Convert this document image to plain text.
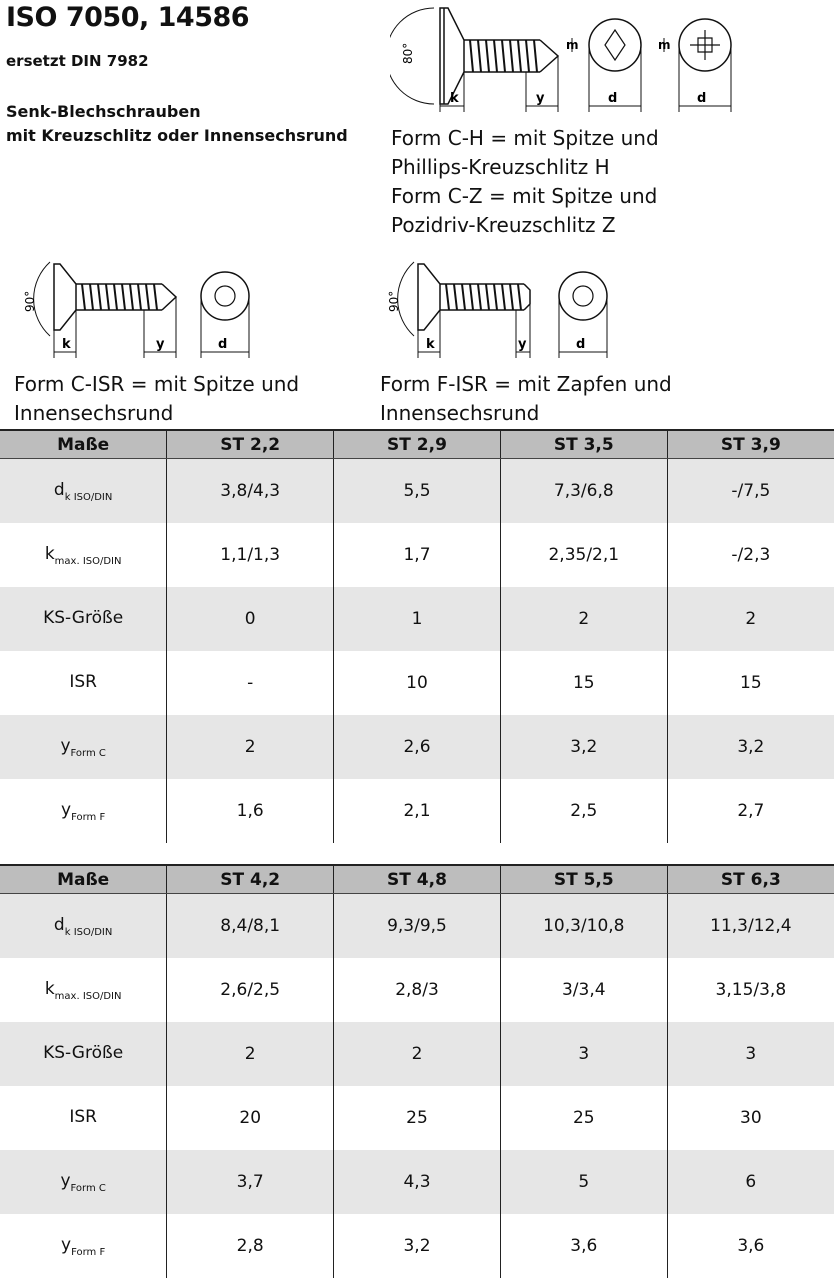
ISO 7050, 14586
ersetzt DIN 7982
Senk-Blechschrauben
mit Kreuzschlitz oder Innensechsrund
80°
k	y	d	d
m	m
Form C-H = mit Spitze und
Phillips-Kreuzschlitz H
Form C-Z = mit Spitze und
Pozidriv-Kreuzschlitz Z
90°
k	y	d
Form C-ISR = mit Spitze und
Innensechsrund
90°
k	y	d
Form F-ISR = mit Zapfen und
Innensechsrund
Maße	ST 2,2	ST 2,9	ST 3,5	ST 3,9
$d_{k ISO/DIN}$	3,8/4,3	5,5	7,3/6,8	-/7,5
$k_{max. ISO/DIN}$	1,1/1,3	1,7	2,35/2,1	-/2,3
KS-Größe	0	1	2	2
ISR	-	10	15	15
$y_{Form C}$	2	2,6	3,2	3,2
$y_{Form F}$	1,6	2,1	2,5	2,7
Maße	ST 4,2	ST 4,8	ST 5,5	ST 6,3
$d_{k ISO/DIN}$	8,4/8,1	9,3/9,5	10,3/10,8	11,3/12,4
$k_{max. ISO/DIN}$	2,6/2,5	2,8/3	3/3,4	3,15/3,8
KS-Größe	2	2	3	3
ISR	20	25	25	30
$y_{Form C}$	3,7	4,3	5	6
$y_{Form F}$	2,8	3,2	3,6	3,6
